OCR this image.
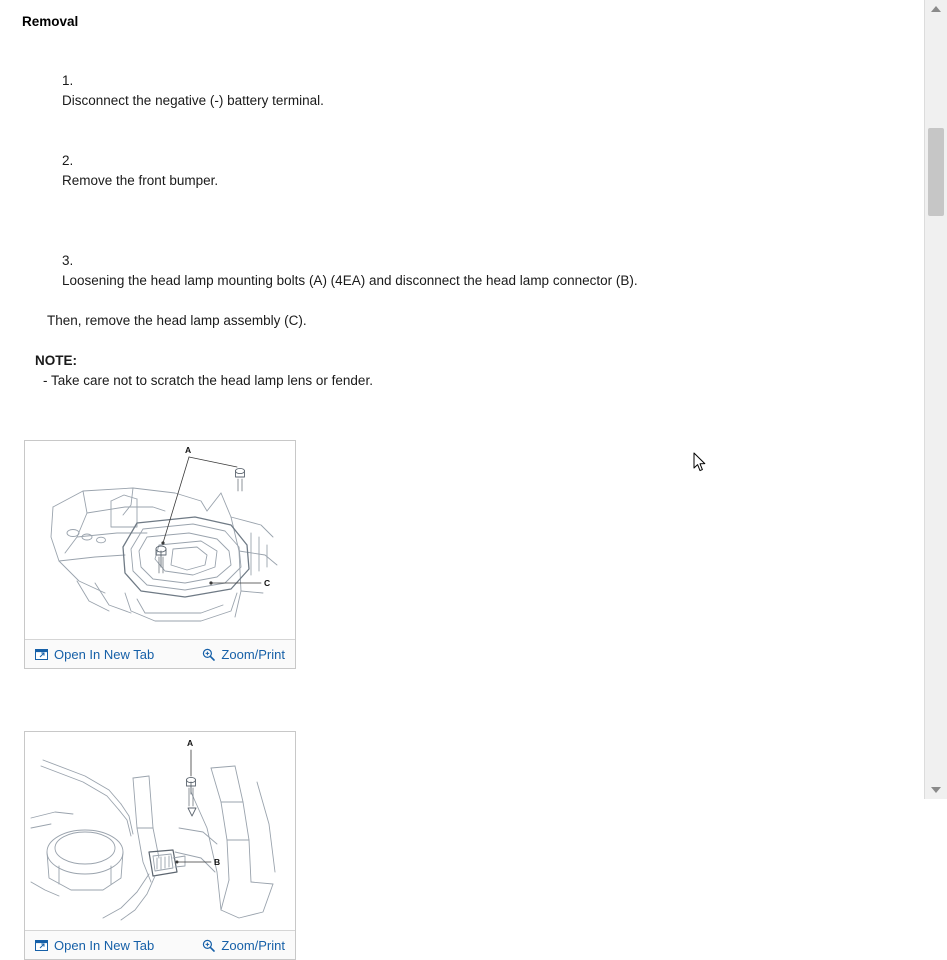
Removal

1.
Disconnect the negative (-) battery terminal.

2.
Remove the front bumper.

3.
Loosening the head lamp mounting bolts (A) (4EA) and disconnect the head lamp connector (B).

Then, remove the head lamp assembly (C).
NOTE:
- Take care not to scratch the head lamp lens or fender.
A
C
Open In New Tab	Zoom/Print
A
B
Open In New Tab	Zoom/Print
